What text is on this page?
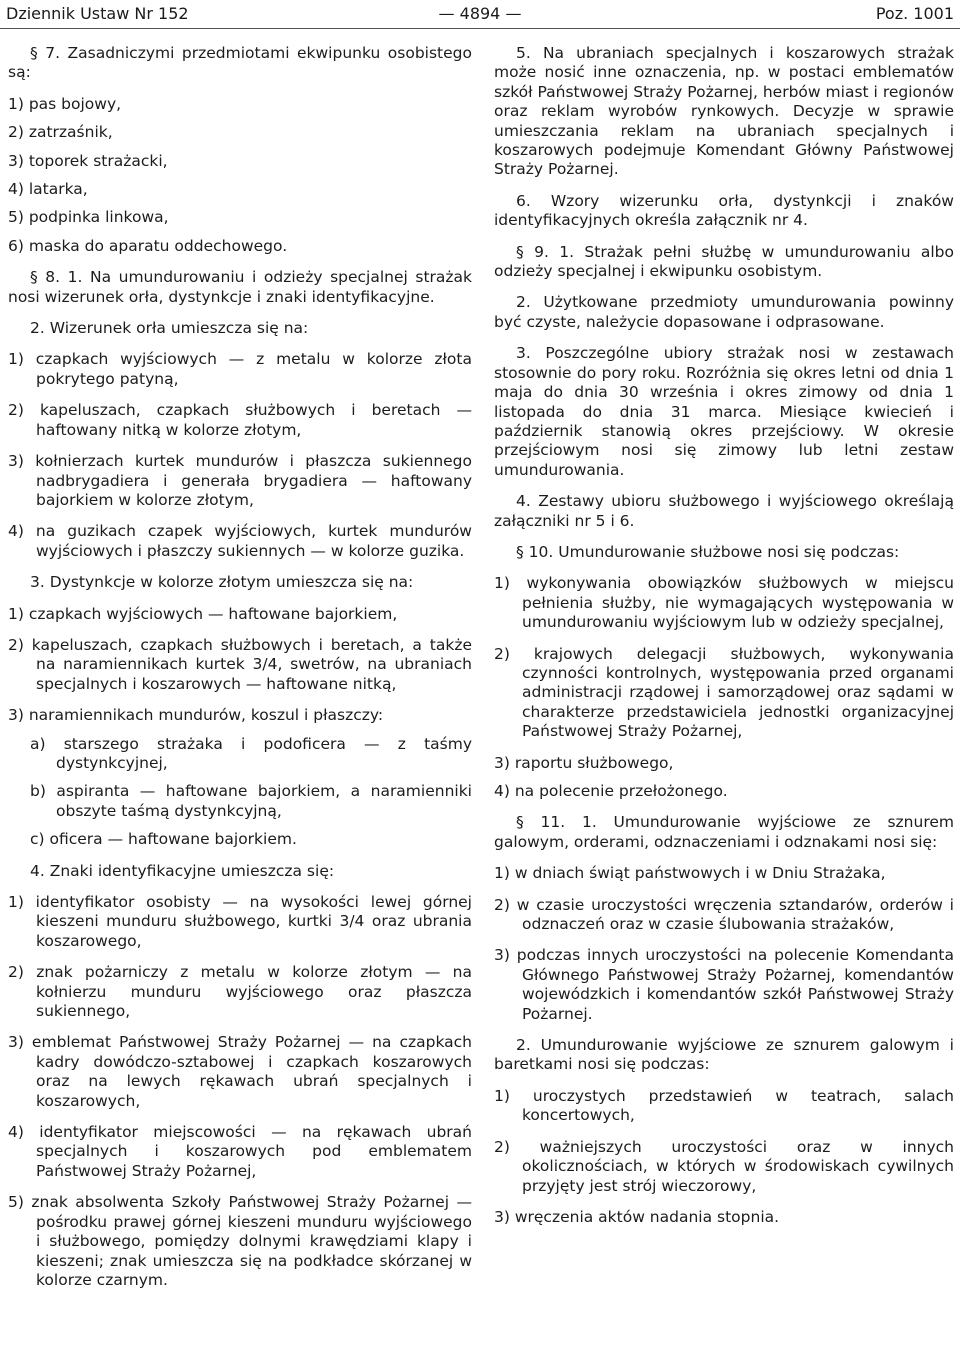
Dziennik Ustaw Nr 152	— 4894 —	Poz. 1001

§ 7. Zasadniczymi przedmiotami ekwipunku osobistego są:

1) pas bojowy,
2) zatrzaśnik,
3) toporek strażacki,
4) latarka,
5) podpinka linkowa,
6) maska do aparatu oddechowego.

§ 8. 1. Na umundurowaniu i odzieży specjalnej strażak nosi wizerunek orła, dystynkcje i znaki identyfikacyjne.

2. Wizerunek orła umieszcza się na:

1) czapkach wyjściowych — z metalu w kolorze złota pokrytego patyną,
2) kapeluszach, czapkach służbowych i beretach — haftowany nitką w kolorze złotym,
3) kołnierzach kurtek mundurów i płaszcza sukiennego nadbrygadiera i generała brygadiera — haftowany bajorkiem w kolorze złotym,
4) na guzikach czapek wyjściowych, kurtek mundurów wyjściowych i płaszczy sukiennych — w kolorze guzika.

3. Dystynkcje w kolorze złotym umieszcza się na:

1) czapkach wyjściowych — haftowane bajorkiem,
2) kapeluszach, czapkach służbowych i beretach, a także na naramiennikach kurtek 3/4, swetrów, na ubraniach specjalnych i koszarowych — haftowane nitką,
3) naramiennikach mundurów, koszul i płaszczy:
a) starszego strażaka i podoficera — z taśmy dystynkcyjnej,
b) aspiranta — haftowane bajorkiem, a naramienniki obszyte taśmą dystynkcyjną,
c) oficera — haftowane bajorkiem.

4. Znaki identyfikacyjne umieszcza się:

1) identyfikator osobisty — na wysokości lewej górnej kieszeni munduru służbowego, kurtki 3/4 oraz ubrania koszarowego,
2) znak pożarniczy z metalu w kolorze złotym — na kołnierzu munduru wyjściowego oraz płaszcza sukiennego,
3) emblemat Państwowej Straży Pożarnej — na czapkach kadry dowódczo-sztabowej i czapkach koszarowych oraz na lewych rękawach ubrań specjalnych i koszarowych,
4) identyfikator miejscowości — na rękawach ubrań specjalnych i koszarowych pod emblematem Państwowej Straży Pożarnej,
5) znak absolwenta Szkoły Państwowej Straży Pożarnej — pośrodku prawej górnej kieszeni munduru wyjściowego i służbowego, pomiędzy dolnymi krawędziami klapy i kieszeni; znak umieszcza się na podkładce skórzanej w kolorze czarnym.

5. Na ubraniach specjalnych i koszarowych strażak może nosić inne oznaczenia, np. w postaci emblematów szkół Państwowej Straży Pożarnej, herbów miast i regionów oraz reklam wyrobów rynkowych. Decyzje w sprawie umieszczania reklam na ubraniach specjalnych i koszarowych podejmuje Komendant Główny Państwowej Straży Pożarnej.

6. Wzory wizerunku orła, dystynkcji i znaków identyfikacyjnych określa załącznik nr 4.

§ 9. 1. Strażak pełni służbę w umundurowaniu albo odzieży specjalnej i ekwipunku osobistym.

2. Użytkowane przedmioty umundurowania powinny być czyste, należycie dopasowane i odprasowane.

3. Poszczególne ubiory strażak nosi w zestawach stosownie do pory roku. Rozróżnia się okres letni od dnia 1 maja do dnia 30 września i okres zimowy od dnia 1 listopada do dnia 31 marca. Miesiące kwiecień i październik stanowią okres przejściowy. W okresie przejściowym nosi się zimowy lub letni zestaw umundurowania.

4. Zestawy ubioru służbowego i wyjściowego określają załączniki nr 5 i 6.

§ 10. Umundurowanie służbowe nosi się podczas:

1) wykonywania obowiązków służbowych w miejscu pełnienia służby, nie wymagających występowania w umundurowaniu wyjściowym lub w odzieży specjalnej,
2) krajowych delegacji służbowych, wykonywania czynności kontrolnych, występowania przed organami administracji rządowej i samorządowej oraz sądami w charakterze przedstawiciela jednostki organizacyjnej Państwowej Straży Pożarnej,
3) raportu służbowego,
4) na polecenie przełożonego.

§ 11. 1. Umundurowanie wyjściowe ze sznurem galowym, orderami, odznaczeniami i odznakami nosi się:

1) w dniach świąt państwowych i w Dniu Strażaka,
2) w czasie uroczystości wręczenia sztandarów, orderów i odznaczeń oraz w czasie ślubowania strażaków,
3) podczas innych uroczystości na polecenie Komendanta Głównego Państwowej Straży Pożarnej, komendantów wojewódzkich i komendantów szkół Państwowej Straży Pożarnej.

2. Umundurowanie wyjściowe ze sznurem galowym i baretkami nosi się podczas:

1) uroczystych przedstawień w teatrach, salach koncertowych,
2) ważniejszych uroczystości oraz w innych okolicznościach, w których w środowiskach cywilnych przyjęty jest strój wieczorowy,
3) wręczenia aktów nadania stopnia.
